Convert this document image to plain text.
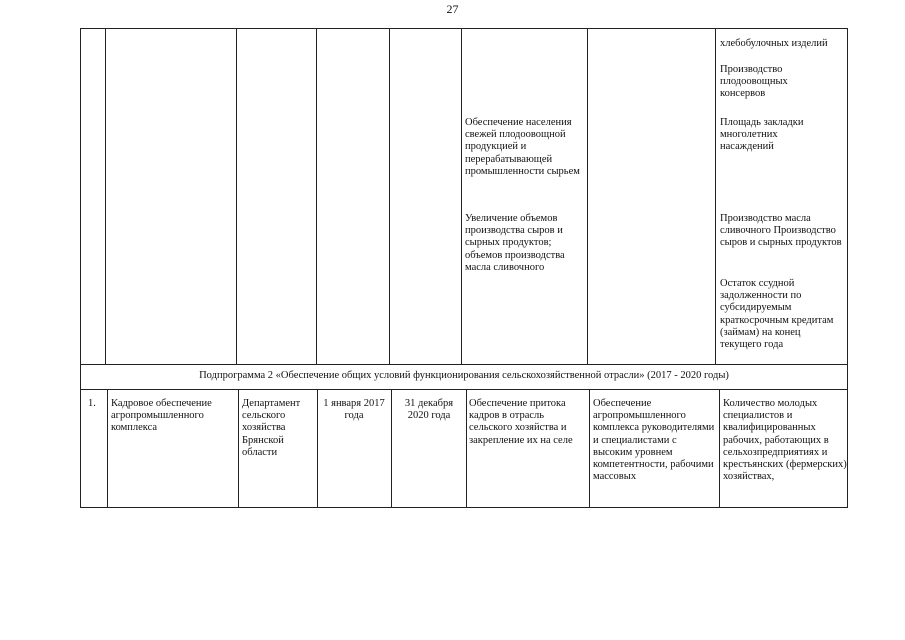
27
Обеспечение населения свежей плодоовощной продукцией и перерабатывающей промышленности сырьем
Увеличение объемов производства сыров и сырных продуктов; объемов производства масла сливочного
хлебобулочных изделий
Производство плодоовощных консервов
Площадь закладки многолетних насаждений
Производство масла сливочного Производство сыров и сырных продуктов
Остаток ссудной задолженности по субсидируемым краткосрочным кредитам (займам) на конец текущего года
Подпрограмма 2 «Обеспечение общих условий функционирования сельскохозяйственной отрасли» (2017 - 2020 годы)
1.	Кадровое обеспечение агропромышленного комплекса
Департамент сельского хозяйства Брянской области
1 января 2017 года
31 декабря 2020 года
Обеспечение притока кадров в отрасль сельского хозяйства и закрепление их на селе
Обеспечение агропромышленного комплекса руководителями и специалистами с высоким уровнем компетентности, рабочими массовых
Количество молодых специалистов и квалифицированных рабочих, работающих в сельхозпредприятиях и крестьянских (фермерских) хозяйствах,
